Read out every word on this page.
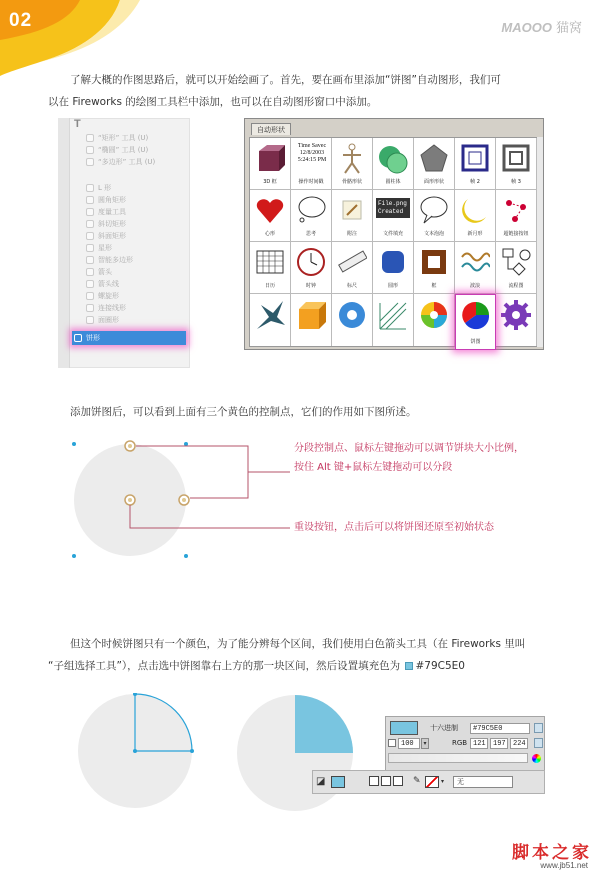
02	MAOOO 猫窝
了解大概的作图思路后，就可以开始绘画了。首先，要在画布里添加“饼图”自动图形，我们可
以在 Fireworks 的绘图工具栏中添加，也可以在自动图形窗口中添加。
T
“矩形” 工具 (U)
“椭圆” 工具 (U)
“多边形” 工具 (U)
L 形
圆角矩形
度量工具
斜切矩形
斜面矩形
星形
智能多边形
箭头
箭头线
螺旋形
连接线形
面圈形
饼形
自动形状
3D 框
Time Savec
12/8/2003
5:24:15 PM
操作时间戳	骨骼形状	圆柱体	面形形状	帧 2	帧 3
心形	思考	附注
File.png
Created
文件填充	文本泡泡	新月形	超链接按钮
日历	时钟	标尺	圆形	框	波浪	流程图
饼图
添加饼图后，可以看到上面有三个黄色的控制点，它们的作用如下图所述。
分段控制点、鼠标左键拖动可以调节饼块大小比例，
按住 Alt 键+鼠标左键拖动可以分段
重设按钮，点击后可以将饼图还原至初始状态
但这个时候饼图只有一个颜色，为了能分辨每个区间，我们使用白色箭头工具（在 Fireworks 里叫
“子组选择工具”），点击选中饼图靠右上方的那一块区间，然后设置填充色为 #79C5E0
十六进制	#79C5E0
100	▾	RGB 121	197	224
◪	✎	▾	无
脚本之家
www.jb51.net
